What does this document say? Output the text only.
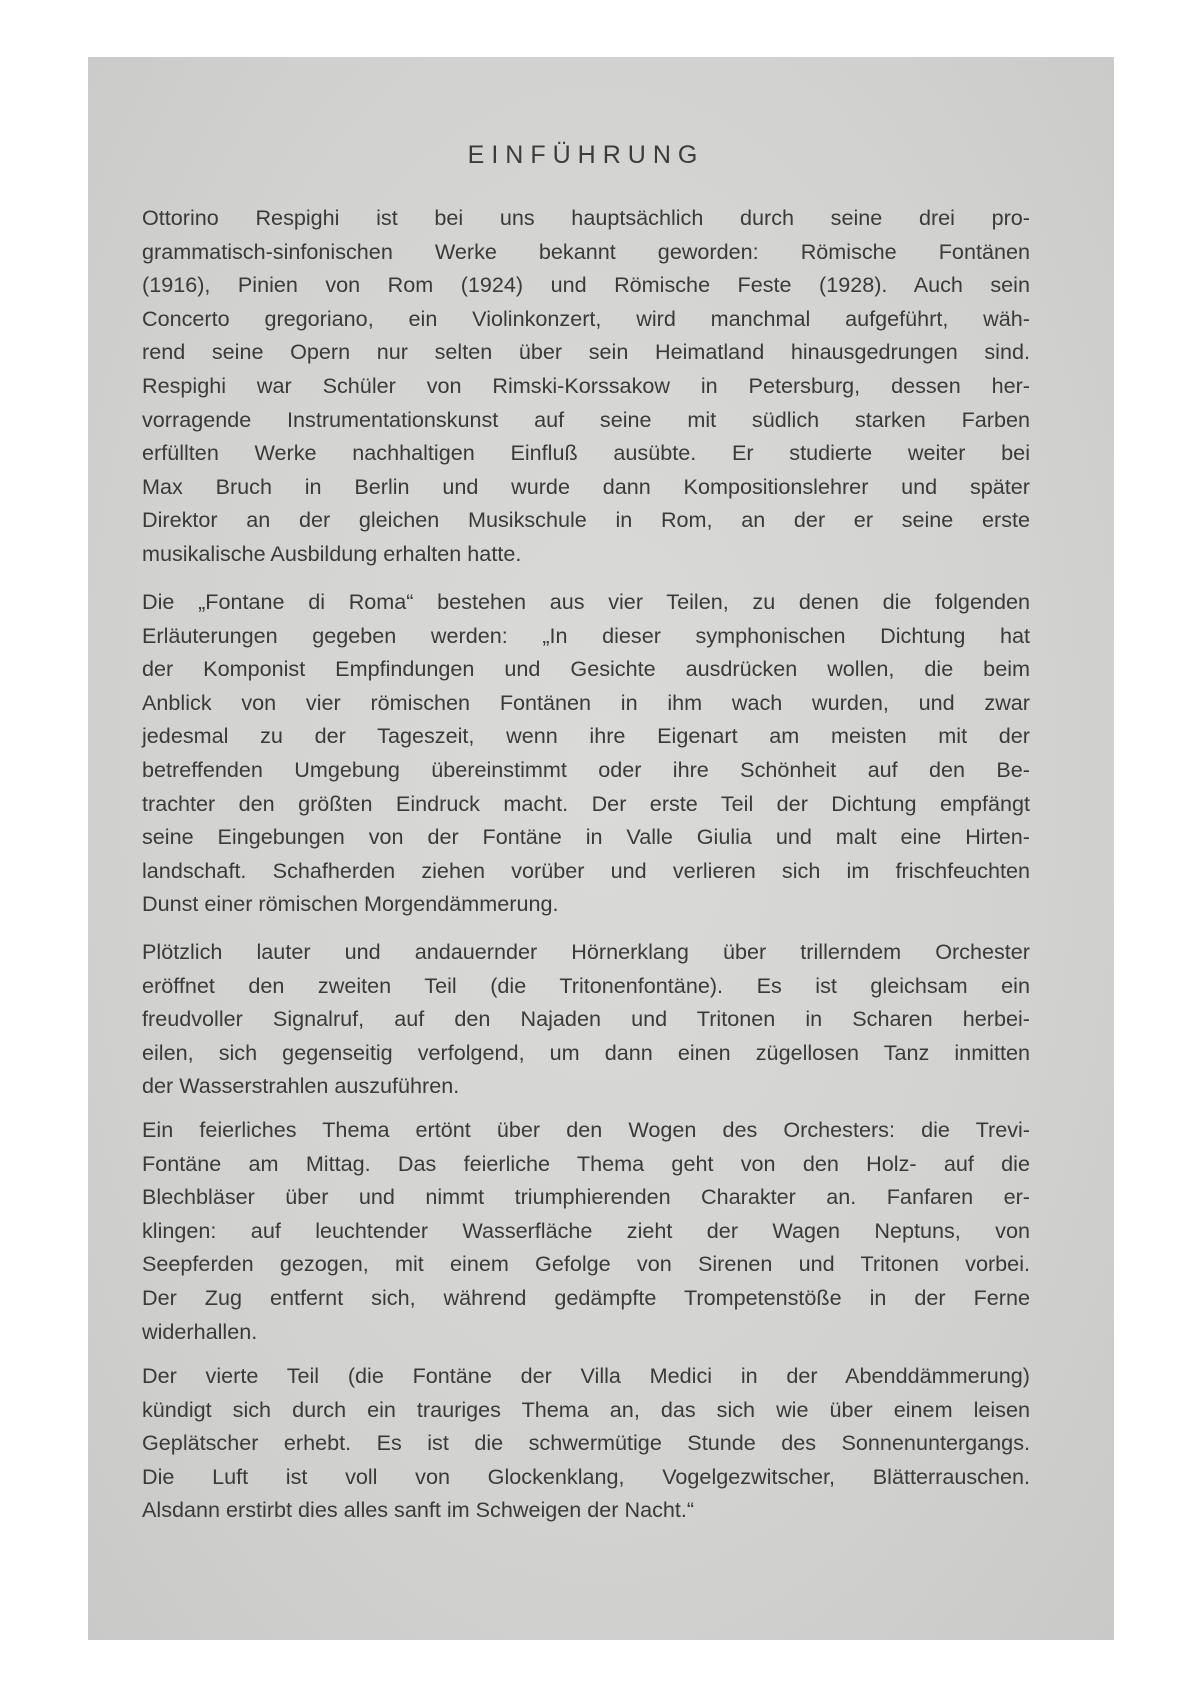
EINFÜHRUNG
Ottorino Respighi ist bei uns hauptsächlich durch seine drei pro-
grammatisch-sinfonischen Werke bekannt geworden: Römische Fontänen
(1916), Pinien von Rom (1924) und Römische Feste (1928). Auch sein
Concerto gregoriano, ein Violinkonzert, wird manchmal aufgeführt, wäh-
rend seine Opern nur selten über sein Heimatland hinausgedrungen sind.
Respighi war Schüler von Rimski-Korssakow in Petersburg, dessen her-
vorragende Instrumentationskunst auf seine mit südlich starken Farben
erfüllten Werke nachhaltigen Einfluß ausübte. Er studierte weiter bei
Max Bruch in Berlin und wurde dann Kompositionslehrer und später
Direktor an der gleichen Musikschule in Rom, an der er seine erste
musikalische Ausbildung erhalten hatte.
Die „Fontane di Roma“ bestehen aus vier Teilen, zu denen die folgenden
Erläuterungen gegeben werden: „In dieser symphonischen Dichtung hat
der Komponist Empfindungen und Gesichte ausdrücken wollen, die beim
Anblick von vier römischen Fontänen in ihm wach wurden, und zwar
jedesmal zu der Tageszeit, wenn ihre Eigenart am meisten mit der
betreffenden Umgebung übereinstimmt oder ihre Schönheit auf den Be-
trachter den größten Eindruck macht. Der erste Teil der Dichtung empfängt
seine Eingebungen von der Fontäne in Valle Giulia und malt eine Hirten-
landschaft. Schafherden ziehen vorüber und verlieren sich im frischfeuchten
Dunst einer römischen Morgendämmerung.
Plötzlich lauter und andauernder Hörnerklang über trillerndem Orchester
eröffnet den zweiten Teil (die Tritonenfontäne). Es ist gleichsam ein
freudvoller Signalruf, auf den Najaden und Tritonen in Scharen herbei-
eilen, sich gegenseitig verfolgend, um dann einen zügellosen Tanz inmitten
der Wasserstrahlen auszuführen.
Ein feierliches Thema ertönt über den Wogen des Orchesters: die Trevi-
Fontäne am Mittag. Das feierliche Thema geht von den Holz- auf die
Blechbläser über und nimmt triumphierenden Charakter an. Fanfaren er-
klingen: auf leuchtender Wasserfläche zieht der Wagen Neptuns, von
Seepferden gezogen, mit einem Gefolge von Sirenen und Tritonen vorbei.
Der Zug entfernt sich, während gedämpfte Trompetenstöße in der Ferne
widerhallen.
Der vierte Teil (die Fontäne der Villa Medici in der Abenddämmerung)
kündigt sich durch ein trauriges Thema an, das sich wie über einem leisen
Geplätscher erhebt. Es ist die schwermütige Stunde des Sonnenuntergangs.
Die Luft ist voll von Glockenklang, Vogelgezwitscher, Blätterrauschen.
Alsdann erstirbt dies alles sanft im Schweigen der Nacht.“
